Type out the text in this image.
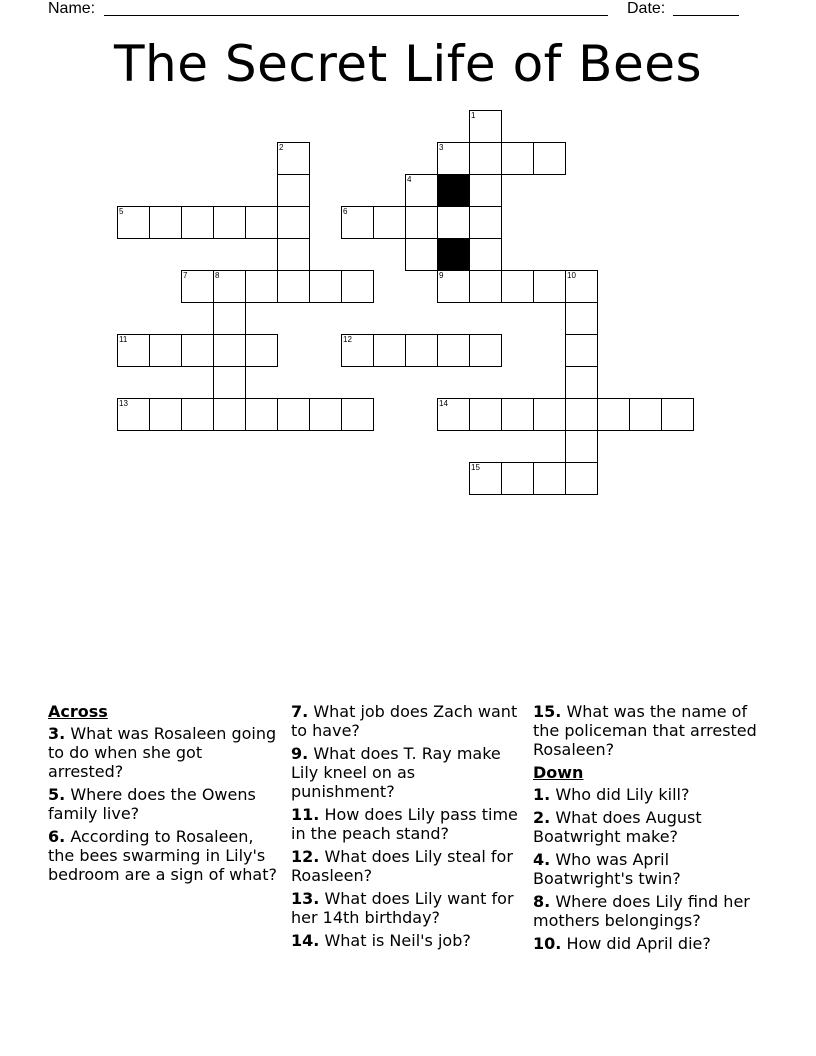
Name:	Date:
The Secret Life of Bees
1
2	3
4
5	6
7	8	9	10
11	12
13	14
15
Across
3. What was Rosaleen going to do when she got arrested?
5. Where does the Owens family live?
6. According to Rosaleen, the bees swarming in Lily's bedroom are a sign of what?
7. What job does Zach want to have?
9. What does T. Ray make Lily kneel on as punishment?
11. How does Lily pass time in the peach stand?
12. What does Lily steal for Roasleen?
13. What does Lily want for her 14th birthday?
14. What is Neil's job?
15. What was the name of the policeman that arrested Rosaleen?
Down
1. Who did Lily kill?
2. What does August Boatwright make?
4. Who was April Boatwright's twin?
8. Where does Lily find her mothers belongings?
10. How did April die?
